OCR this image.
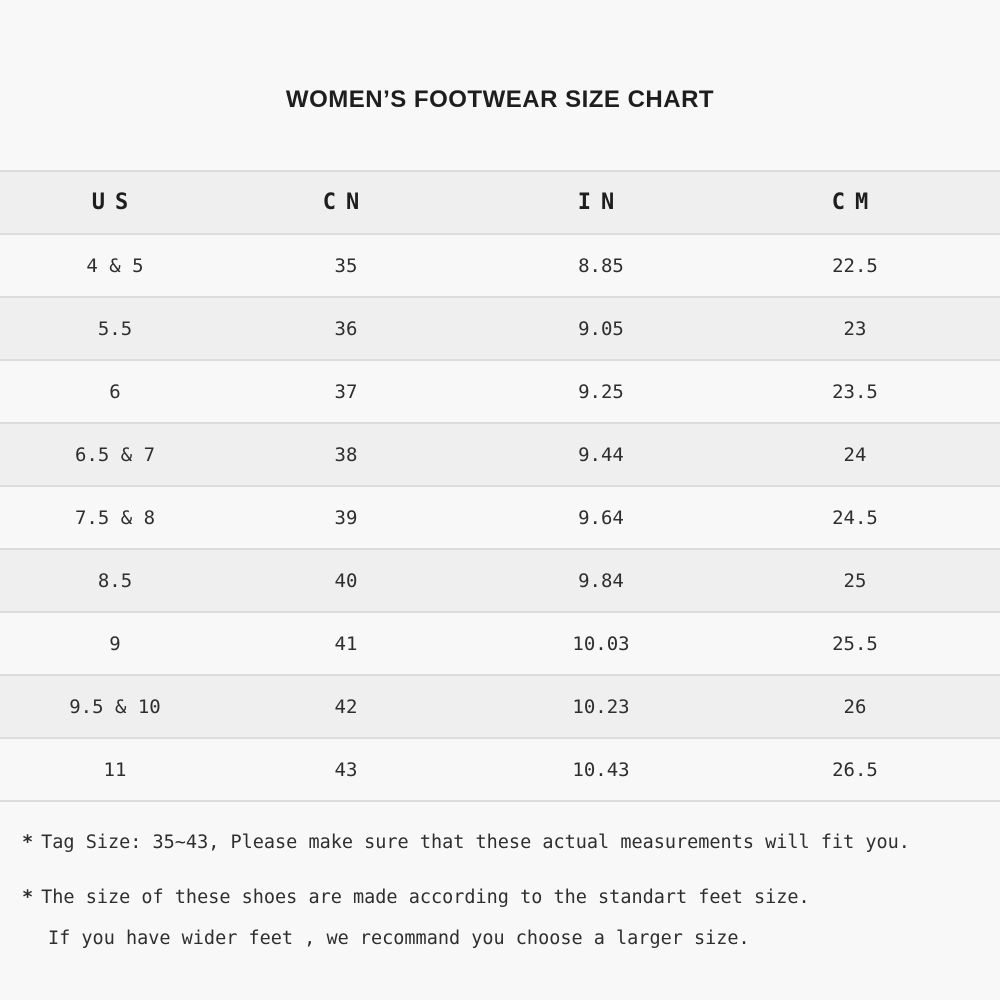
WOMEN’S FOOTWEAR SIZE CHART
US	CN	IN	CM
4 & 5	35	8.85	22.5
5.5	36	9.05	23
6	37	9.25	23.5
6.5 & 7	38	9.44	24
7.5 & 8	39	9.64	24.5
8.5	40	9.84	25
9	41	10.03	25.5
9.5 & 10	42	10.23	26
11	43	10.43	26.5
* Tag Size: 35~43, Please make sure that these actual measurements will fit you.
* The size of these shoes are made according to the standart feet size.
If you have wider feet , we recommand you choose a larger size.
